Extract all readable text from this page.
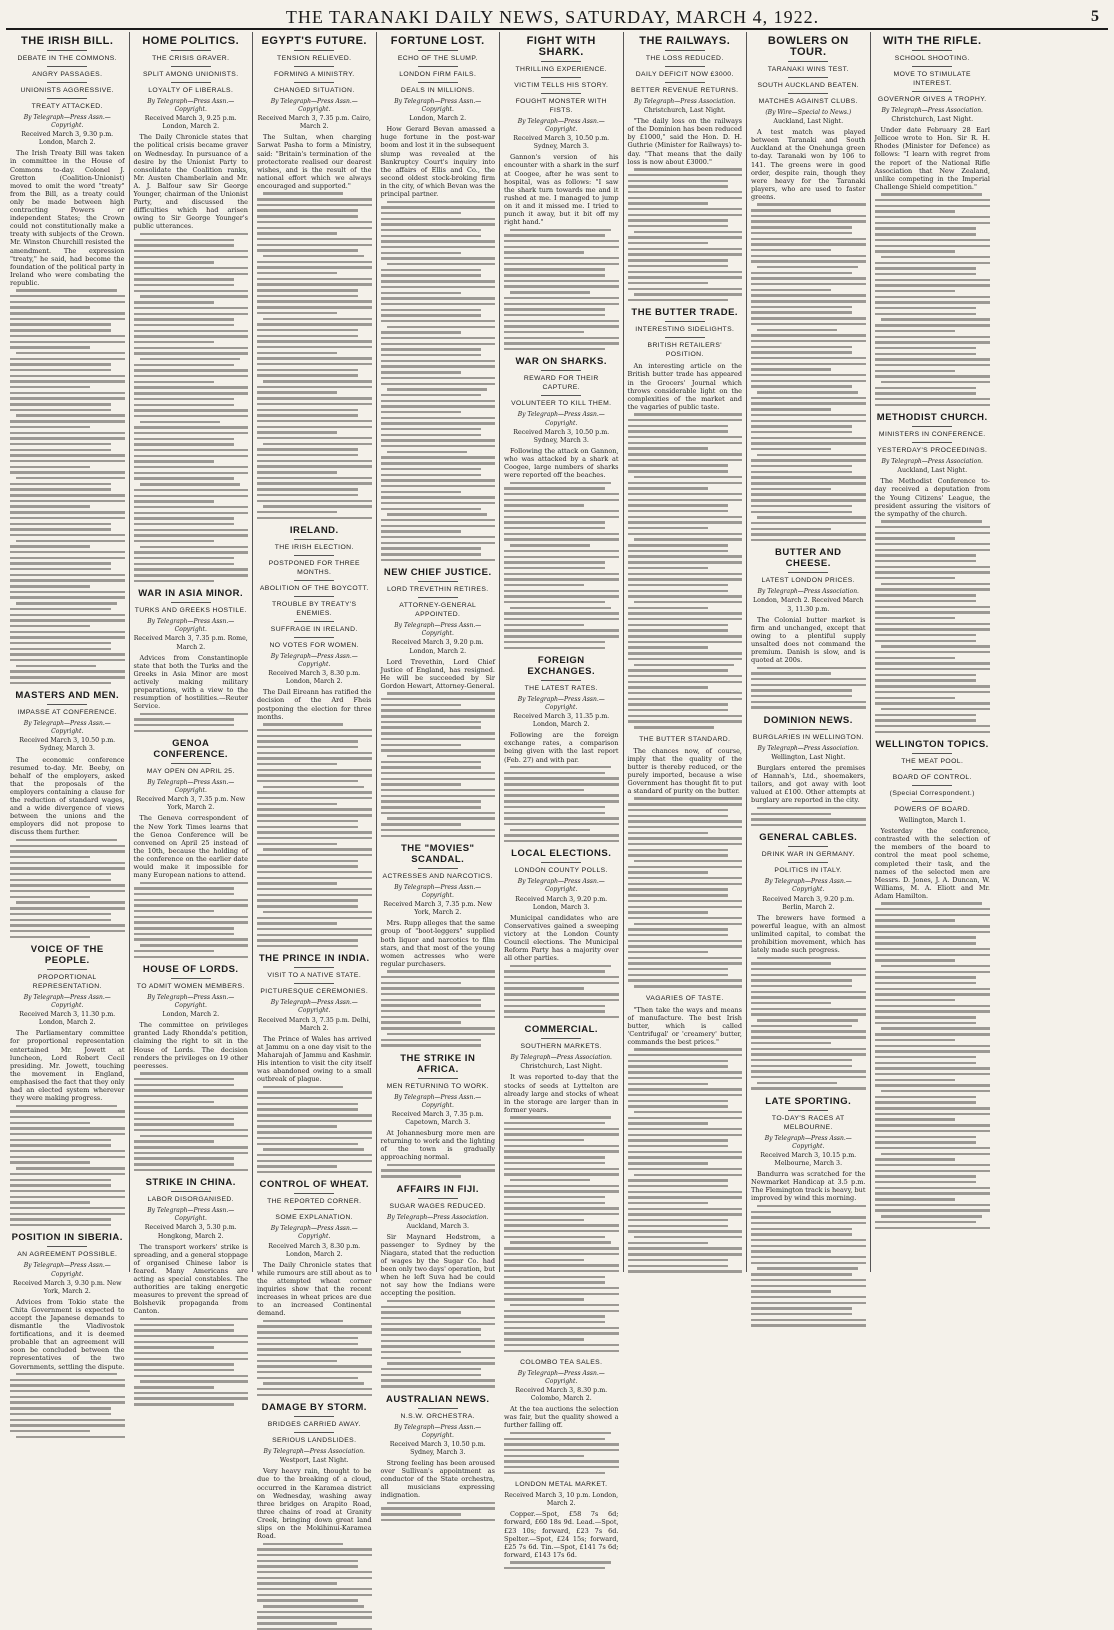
THE TARANAKI DAILY NEWS, SATURDAY, MARCH 4, 1922.	5
THE IRISH BILL.
DEBATE IN THE COMMONS.
ANGRY PASSAGES.
UNIONISTS AGGRESSIVE.
TREATY ATTACKED.
By Telegraph—Press Assn.—Copyright.
Received March 3, 9.30 p.m. London, March 2.

The Irish Treaty Bill was taken in committee in the House of Commons to-day. Colonel J. Gretton (Coalition-Unionist) moved to omit the word "treaty" from the Bill, as a treaty could only be made between high contracting Powers or independent States; the Crown could not constitutionally make a treaty with subjects of the Crown. Mr. Winston Churchill resisted the amendment. The expression "treaty," he said, had become the foundation of the political party in Ireland who were combating the republic.

MASTERS AND MEN.
IMPASSE AT CONFERENCE.
By Telegraph—Press Assn.—Copyright.
Received March 3, 10.50 p.m. Sydney, March 3.

The economic conference resumed to-day. Mr. Beeby, on behalf of the employers, asked that the proposals of the employers containing a clause for the reduction of standard wages, and a wide divergence of views between the unions and the employers did not propose to discuss them further.

VOICE OF THE PEOPLE.
PROPORTIONAL REPRESENTATION.
By Telegraph—Press Assn.—Copyright.
Received March 3, 11.30 p.m. London, March 2.

The Parliamentary committee for proportional representation entertained Mr. Jowett at luncheon, Lord Robert Cecil presiding. Mr. Jowett, touching the movement in England, emphasised the fact that they only had an elected system wherever they were making progress.

POSITION IN SIBERIA.
AN AGREEMENT POSSIBLE.
By Telegraph—Press Assn.—Copyright.
Received March 3, 9.30 p.m. New York, March 2.

Advices from Tokio state the Chita Government is expected to accept the Japanese demands to dismantle the Vladivostok fortifications, and it is deemed probable that an agreement will soon be concluded between the representatives of the two Governments, settling the dispute.

HOME POLITICS.
THE CRISIS GRAVER.
SPLIT AMONG UNIONISTS.
LOYALTY OF LIBERALS.
By Telegraph—Press Assn.—Copyright.
Received March 3, 9.25 p.m. London, March 2.

The Daily Chronicle states that the political crisis became graver on Wednesday. In pursuance of a desire by the Unionist Party to consolidate the Coalition ranks, Mr. Austen Chamberlain and Mr. A. J. Balfour saw Sir George Younger, chairman of the Unionist Party, and discussed the difficulties which had arisen owing to Sir George Younger's public utterances.

WAR IN ASIA MINOR.
TURKS AND GREEKS HOSTILE.
By Telegraph—Press Assn.—Copyright.
Received March 3, 7.35 p.m. Rome, March 2.

Advices from Constantinople state that both the Turks and the Greeks in Asia Minor are most actively making military preparations, with a view to the resumption of hostilities.—Reuter Service.

GENOA CONFERENCE.
MAY OPEN ON APRIL 25.
By Telegraph—Press Assn.—Copyright.
Received March 3, 7.35 p.m. New York, March 2.

The Geneva correspondent of the New York Times learns that the Genoa Conference will be convened on April 25 instead of the 10th, because the holding of the conference on the earlier date would make it impossible for many European nations to attend.

HOUSE OF LORDS.
TO ADMIT WOMEN MEMBERS.
By Telegraph—Press Assn.—Copyright.
London, March 2.

The committee on privileges granted Lady Rhondda's petition, claiming the right to sit in the House of Lords. The decision renders the privileges on 19 other peeresses.

STRIKE IN CHINA.
LABOR DISORGANISED.
By Telegraph—Press Assn.—Copyright.
Received March 3, 5.30 p.m. Hongkong, March 2.

The transport workers' strike is spreading, and a general stoppage of organised Chinese labor is feared. Many Americans are acting as special constables. The authorities are taking energetic measures to prevent the spread of Bolshevik propaganda from Canton.

EGYPT'S FUTURE.
TENSION RELIEVED.
FORMING A MINISTRY.
CHANGED SITUATION.
By Telegraph—Press Assn.—Copyright.
Received March 3, 7.35 p.m. Cairo, March 2.

The Sultan, when charging Sarwat Pasha to form a Ministry, said: "Britain's termination of the protectorate realised our dearest wishes, and is the result of the national effort which we always encouraged and supported."

IRELAND.
THE IRISH ELECTION.
POSTPONED FOR THREE MONTHS.
ABOLITION OF THE BOYCOTT.
TROUBLE BY TREATY'S ENEMIES.
SUFFRAGE IN IRELAND.
NO VOTES FOR WOMEN.
By Telegraph—Press Assn.—Copyright.
Received March 3, 8.30 p.m. London, March 2.

The Dail Eireann has ratified the decision of the Ard Fheis postponing the election for three months.

THE PRINCE IN INDIA.
VISIT TO A NATIVE STATE.
PICTURESQUE CEREMONIES.
By Telegraph—Press Assn.—Copyright.
Received March 3, 7.35 p.m. Delhi, March 2.

The Prince of Wales has arrived at Jammu on a one day visit to the Maharajah of Jammu and Kashmir. His intention to visit the city itself was abandoned owing to a small outbreak of plague.

CONTROL OF WHEAT.
THE REPORTED CORNER.
SOME EXPLANATION.
By Telegraph—Press Assn.—Copyright.
Received March 3, 8.30 p.m. London, March 2.

The Daily Chronicle states that while rumours are still about as to the attempted wheat corner inquiries show that the recent increases in wheat prices are due to an increased Continental demand.

DAMAGE BY STORM.
BRIDGES CARRIED AWAY.
SERIOUS LANDSLIDES.
By Telegraph—Press Association.
Westport, Last Night.

Very heavy rain, thought to be due to the breaking of a cloud, occurred in the Karamea district on Wednesday, washing away three bridges on Arapito Road, three chains of road at Granity Creek, bringing down great land slips on the Mokihinui-Karamea Road.

FORTUNE LOST.
ECHO OF THE SLUMP.
LONDON FIRM FAILS.
DEALS IN MILLIONS.
By Telegraph—Press Assn.—Copyright.
London, March 2.

How Gerard Bevan amassed a huge fortune in the post-war boom and lost it in the subsequent slump was revealed at the Bankruptcy Court's inquiry into the affairs of Ellis and Co., the second oldest stock-broking firm in the city, of which Bevan was the principal partner.

NEW CHIEF JUSTICE.
LORD TREVETHIN RETIRES.
ATTORNEY-GENERAL APPOINTED.
By Telegraph—Press Assn.—Copyright.
Received March 3, 9.20 p.m. London, March 2.

Lord Trevethin, Lord Chief Justice of England, has resigned. He will be succeeded by Sir Gordon Hewart, Attorney-General.

THE "MOVIES" SCANDAL.
ACTRESSES AND NARCOTICS.
By Telegraph—Press Assn.—Copyright.
Received March 3, 7.35 p.m. New York, March 2.

Mrs. Rupp alleges that the same group of "boot-leggers" supplied both liquor and narcotics to film stars, and that most of the young women actresses who were regular purchasers.

THE STRIKE IN AFRICA.
MEN RETURNING TO WORK.
By Telegraph—Press Assn.—Copyright.
Received March 3, 7.35 p.m. Capetown, March 3.

At Johannesburg more men are returning to work and the lighting of the town is gradually approaching normal.

AFFAIRS IN FIJI.
SUGAR WAGES REDUCED.
By Telegraph—Press Association.
Auckland, March 3.

Sir Maynard Hedstrom, a passenger to Sydney by the Niagara, stated that the reduction of wages by the Sugar Co. had been only two days' operation, but when he left Suva had be could not say how the Indians were accepting the position.

AUSTRALIAN NEWS.
N.S.W. ORCHESTRA.
By Telegraph—Press Assn.—Copyright.
Received March 3, 10.50 p.m. Sydney, March 3.

Strong feeling has been aroused over Sullivan's appointment as conductor of the State orchestra, all musicians expressing indignation.

FIGHT WITH SHARK.
THRILLING EXPERIENCE.
VICTIM TELLS HIS STORY.
FOUGHT MONSTER WITH FISTS.
By Telegraph—Press Assn.—Copyright.
Received March 3, 10.50 p.m. Sydney, March 3.

Gannon's version of his encounter with a shark in the surf at Coogee, after he was sent to hospital, was as follows: "I saw the shark turn towards me and it rushed at me. I managed to jump on it and it missed me. I tried to punch it away, but it bit off my right hand."

WAR ON SHARKS.
REWARD FOR THEIR CAPTURE.
VOLUNTEER TO KILL THEM.
By Telegraph—Press Assn.—Copyright.
Received March 3, 10.50 p.m. Sydney, March 3.

Following the attack on Gannon, who was attacked by a shark at Coogee, large numbers of sharks were reported off the beaches.

FOREIGN EXCHANGES.
THE LATEST RATES.
By Telegraph—Press Assn.—Copyright.
Received March 3, 11.35 p.m. London, March 2.

Following are the foreign exchange rates, a comparison being given with the last report (Feb. 27) and with par.

LOCAL ELECTIONS.
LONDON COUNTY POLLS.
By Telegraph—Press Assn.—Copyright.
Received March 3, 9.20 p.m. London, March 3.

Municipal candidates who are Conservatives gained a sweeping victory at the London County Council elections. The Municipal Reform Party has a majority over all other parties.

COMMERCIAL.
SOUTHERN MARKETS.
By Telegraph—Press Association.
Christchurch, Last Night.

It was reported to-day that the stocks of seeds at Lyttelton are already large and stocks of wheat in the storage are larger than in former years.

COLOMBO TEA SALES.
By Telegraph—Press Assn.—Copyright.
Received March 3, 8.30 p.m. Colombo, March 2.

At the tea auctions the selection was fair, but the quality showed a further falling off.

LONDON METAL MARKET.
Received March 3, 10 p.m. London, March 2.

Copper.—Spot, £58 7s 6d; forward, £60 18s 9d. Lead.—Spot, £23 10s; forward, £23 7s 6d. Spelter.—Spot, £24 15s; forward, £25 7s 6d. Tin.—Spot, £141 7s 6d; forward, £143 17s 6d.

THE RAILWAYS.
THE LOSS REDUCED.
DAILY DEFICIT NOW £3000.
BETTER REVENUE RETURNS.
By Telegraph—Press Association.
Christchurch, Last Night.

"The daily loss on the railways of the Dominion has been reduced by £1000," said the Hon. D. H. Guthrie (Minister for Railways) to-day. "That means that the daily loss is now about £3000."

THE BUTTER TRADE.
INTERESTING SIDELIGHTS.
BRITISH RETAILERS' POSITION.

An interesting article on the British butter trade has appeared in the Grocers' Journal which throws considerable light on the complexities of the market and the vagaries of public taste.

THE BUTTER STANDARD.

The chances now, of course, imply that the quality of the butter is thereby reduced, or the purely imported, because a wise Government has thought fit to put a standard of purity on the butter.

VAGARIES OF TASTE.

"Then take the ways and means of manufacture. The best Irish butter, which is called 'Centrifugal' or 'creamery' butter, commands the best prices."

BOWLERS ON TOUR.
TARANAKI WINS TEST.
SOUTH AUCKLAND BEATEN.
MATCHES AGAINST CLUBS.
(By Wire—Special to News.)
Auckland, Last Night.

A test match was played between Taranaki and South Auckland at the Onehunga green to-day. Taranaki won by 106 to 141. The greens were in good order, despite rain, though they were heavy for the Taranaki players, who are used to faster greens.

BUTTER AND CHEESE.
LATEST LONDON PRICES.
By Telegraph—Press Association.
London, March 2. Received March 3, 11.30 p.m.

The Colonial butter market is firm and unchanged, except that owing to a plentiful supply unsalted does not command the premium. Danish is slow, and is quoted at 200s.

DOMINION NEWS.
BURGLARIES IN WELLINGTON.
By Telegraph—Press Association.
Wellington, Last Night.

Burglars entered the premises of Hannah's, Ltd., shoemakers, tailors, and got away with loot valued at £100. Other attempts at burglary are reported in the city.

GENERAL CABLES.
DRINK WAR IN GERMANY.
POLITICS IN ITALY.
By Telegraph—Press Assn.—Copyright.
Received March 3, 9.20 p.m. Berlin, March 2.

The brewers have formed a powerful league, with an almost unlimited capital, to combat the prohibition movement, which has lately made such progress.

LATE SPORTING.
TO-DAY'S RACES AT MELBOURNE.
By Telegraph—Press Assn.—Copyright.
Received March 3, 10.15 p.m. Melbourne, March 3.

Bandurra was scratched for the Newmarket Handicap at 3.5 p.m. The Flemington track is heavy, but improved by wind this morning.

WITH THE RIFLE.
SCHOOL SHOOTING.
MOVE TO STIMULATE INTEREST.
GOVERNOR GIVES A TROPHY.
By Telegraph—Press Association.
Christchurch, Last Night.

Under date February 28 Earl Jellicoe wrote to Hon. Sir R. H. Rhodes (Minister for Defence) as follows: "I learn with regret from the report of the National Rifle Association that New Zealand, unlike competing in the Imperial Challenge Shield competition."

METHODIST CHURCH.
MINISTERS IN CONFERENCE.
YESTERDAY'S PROCEEDINGS.
By Telegraph—Press Association.
Auckland, Last Night.

The Methodist Conference to-day received a deputation from the Young Citizens' League, the president assuring the visitors of the sympathy of the church.

WELLINGTON TOPICS.
THE MEAT POOL.
BOARD OF CONTROL.
(Special Correspondent.)
POWERS OF BOARD.
Wellington, March 1.

Yesterday the conference, contrasted with the selection of the members of the board to control the meat pool scheme, completed their task, and the names of the selected men are Messrs. D. Jones, J. A. Duncan, W. Williams, M. A. Eliott and Mr. Adam Hamilton.
